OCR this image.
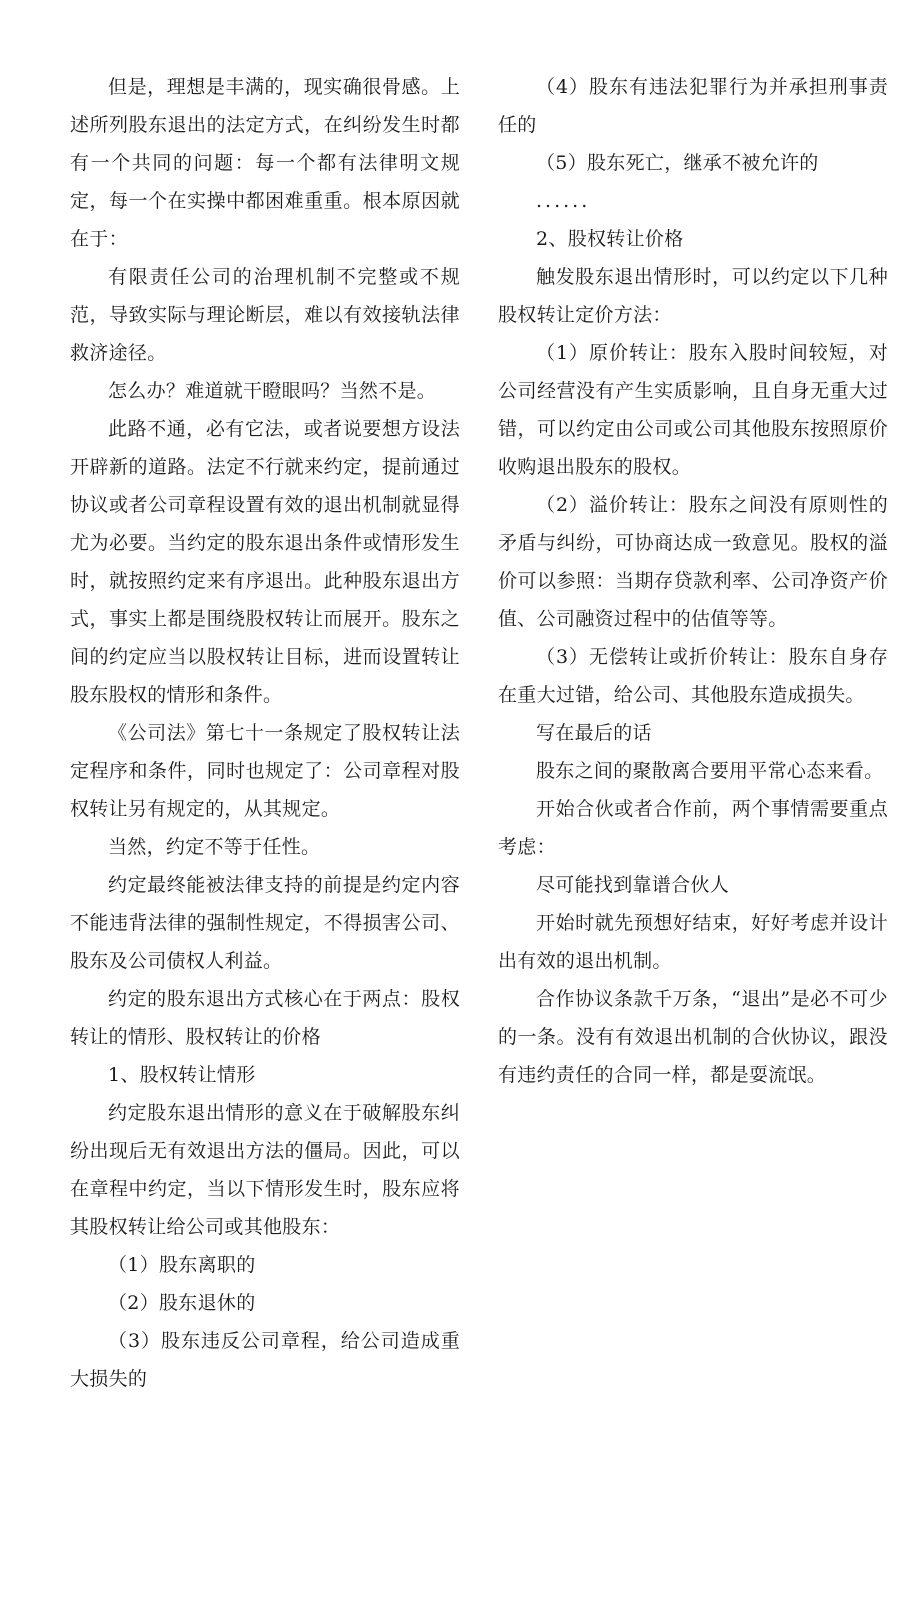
但是，理想是丰满的，现实确很骨感。上述所列股东退出的法定方式，在纠纷发生时都有一个共同的问题：每一个都有法律明文规定，每一个在实操中都困难重重。根本原因就在于：

有限责任公司的治理机制不完整或不规范，导致实际与理论断层，难以有效接轨法律救济途径。

怎么办？难道就干瞪眼吗？当然不是。

此路不通，必有它法，或者说要想方设法开辟新的道路。法定不行就来约定，提前通过协议或者公司章程设置有效的退出机制就显得尤为必要。当约定的股东退出条件或情形发生时，就按照约定来有序退出。此种股东退出方式，事实上都是围绕股权转让而展开。股东之间的约定应当以股权转让目标，进而设置转让股东股权的情形和条件。

《公司法》第七十一条规定了股权转让法定程序和条件，同时也规定了：公司章程对股权转让另有规定的，从其规定。

当然，约定不等于任性。

约定最终能被法律支持的前提是约定内容不能违背法律的强制性规定，不得损害公司、股东及公司债权人利益。

约定的股东退出方式核心在于两点：股权转让的情形、股权转让的价格

1、股权转让情形

约定股东退出情形的意义在于破解股东纠纷出现后无有效退出方法的僵局。因此，可以在章程中约定，当以下情形发生时，股东应将其股权转让给公司或其他股东：

（1）股东离职的

（2）股东退休的

（3）股东违反公司章程，给公司造成重大损失的

（4）股东有违法犯罪行为并承担刑事责任的

（5）股东死亡，继承不被允许的

......

2、股权转让价格

触发股东退出情形时，可以约定以下几种股权转让定价方法：

（1）原价转让：股东入股时间较短，对公司经营没有产生实质影响，且自身无重大过错，可以约定由公司或公司其他股东按照原价收购退出股东的股权。

（2）溢价转让：股东之间没有原则性的矛盾与纠纷，可协商达成一致意见。股权的溢价可以参照：当期存贷款利率、公司净资产价值、公司融资过程中的估值等等。

（3）无偿转让或折价转让：股东自身存在重大过错，给公司、其他股东造成损失。

写在最后的话

股东之间的聚散离合要用平常心态来看。

开始合伙或者合作前，两个事情需要重点考虑：

尽可能找到靠谱合伙人

开始时就先预想好结束，好好考虑并设计出有效的退出机制。

合作协议条款千万条，“退出”是必不可少的一条。没有有效退出机制的合伙协议，跟没有违约责任的合同一样，都是耍流氓。
